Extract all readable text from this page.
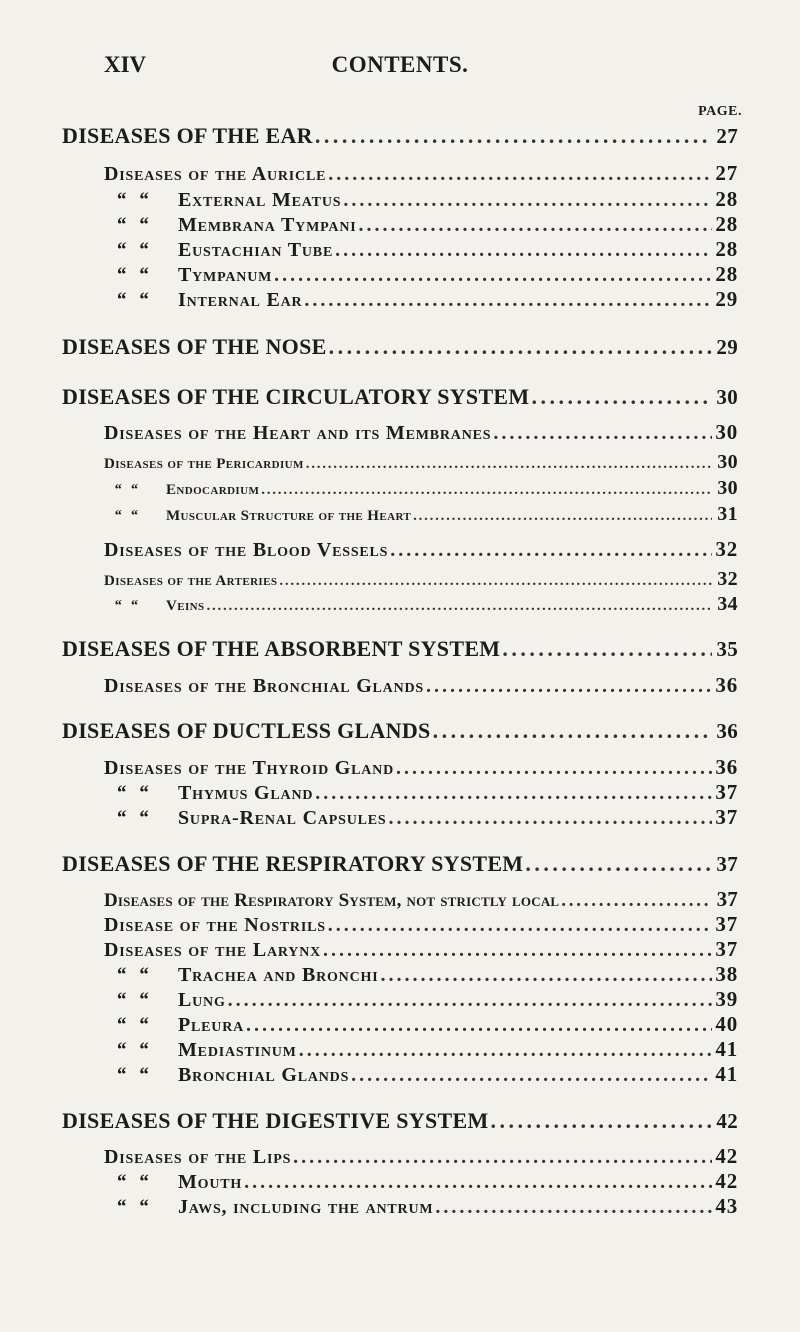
XIV	CONTENTS.
PAGE.
DISEASES OF THE EAR . . .	27
Diseases of the Auricle . . .	27
“ “	External Meatus . . .	28
“ “	Membrana Tympani . . .	28
“ “	Eustachian Tube . . .	28
“ “	Tympanum . . .	28
“ “	Internal Ear . . .	29
DISEASES OF THE NOSE . . .	29
DISEASES OF THE CIRCULATORY SYSTEM . . .	30
Diseases of the Heart and its Membranes . . .	30
Diseases of the Pericardium . . .	30
“ “	Endocardium . . .	30
“ “	Muscular Structure of the Heart . . .	31
Diseases of the Blood Vessels . . .	32
Diseases of the Arteries . . .	32
“ “	Veins . . .	34
DISEASES OF THE ABSORBENT SYSTEM . . .	35
Diseases of the Bronchial Glands . . .	36
DISEASES OF DUCTLESS GLANDS . . .	36
Diseases of the Thyroid Gland . . .	36
“ “	Thymus Gland . . .	37
“ “	Supra-Renal Capsules . . .	37
DISEASES OF THE RESPIRATORY SYSTEM . . .	37
Diseases of the Respiratory System, not strictly local . . .	37
Disease of the Nostrils . . .	37
Diseases of the Larynx . . .	37
“ “	Trachea and Bronchi . . .	38
“ “	Lung . . .	39
“ “	Pleura . . .	40
“ “	Mediastinum . . .	41
“ “	Bronchial Glands . . .	41
DISEASES OF THE DIGESTIVE SYSTEM . . .	42
Diseases of the Lips . . .	42
“ “	Mouth . . .	42
“ “	Jaws, including the antrum . . .	43
